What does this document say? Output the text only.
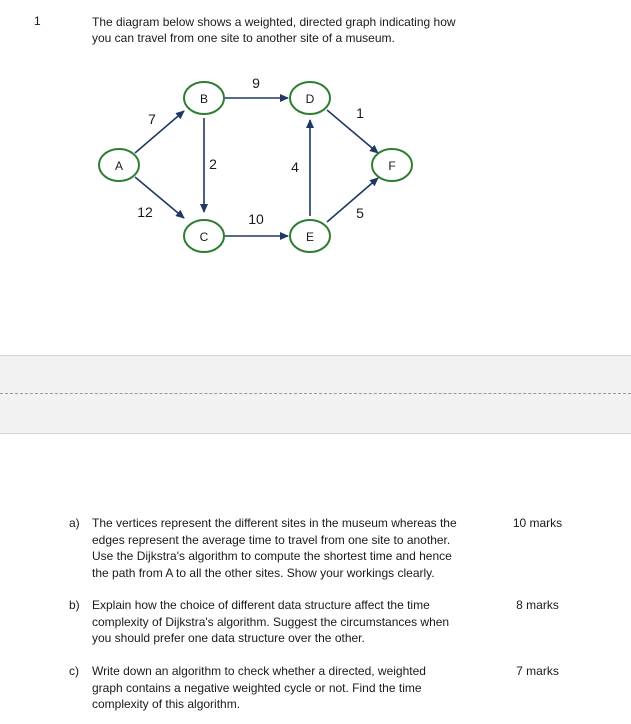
1	The diagram below shows a weighted, directed graph indicating how
you can travel from one site to another site of a museum.
7
12
9
2
10
4
1
5
A
B
C
D
E
F
a) The vertices represent the different sites in the museum whereas the
edges represent the average time to travel from one site to another.
Use the Dijkstra's algorithm to compute the shortest time and hence
the path from A to all the other sites. Show your workings clearly.
10 marks
b) Explain how the choice of different data structure affect the time
complexity of Dijkstra's algorithm. Suggest the circumstances when
you should prefer one data structure over the other.
8 marks
c) Write down an algorithm to check whether a directed, weighted
graph contains a negative weighted cycle or not. Find the time
complexity of this algorithm.
7 marks
